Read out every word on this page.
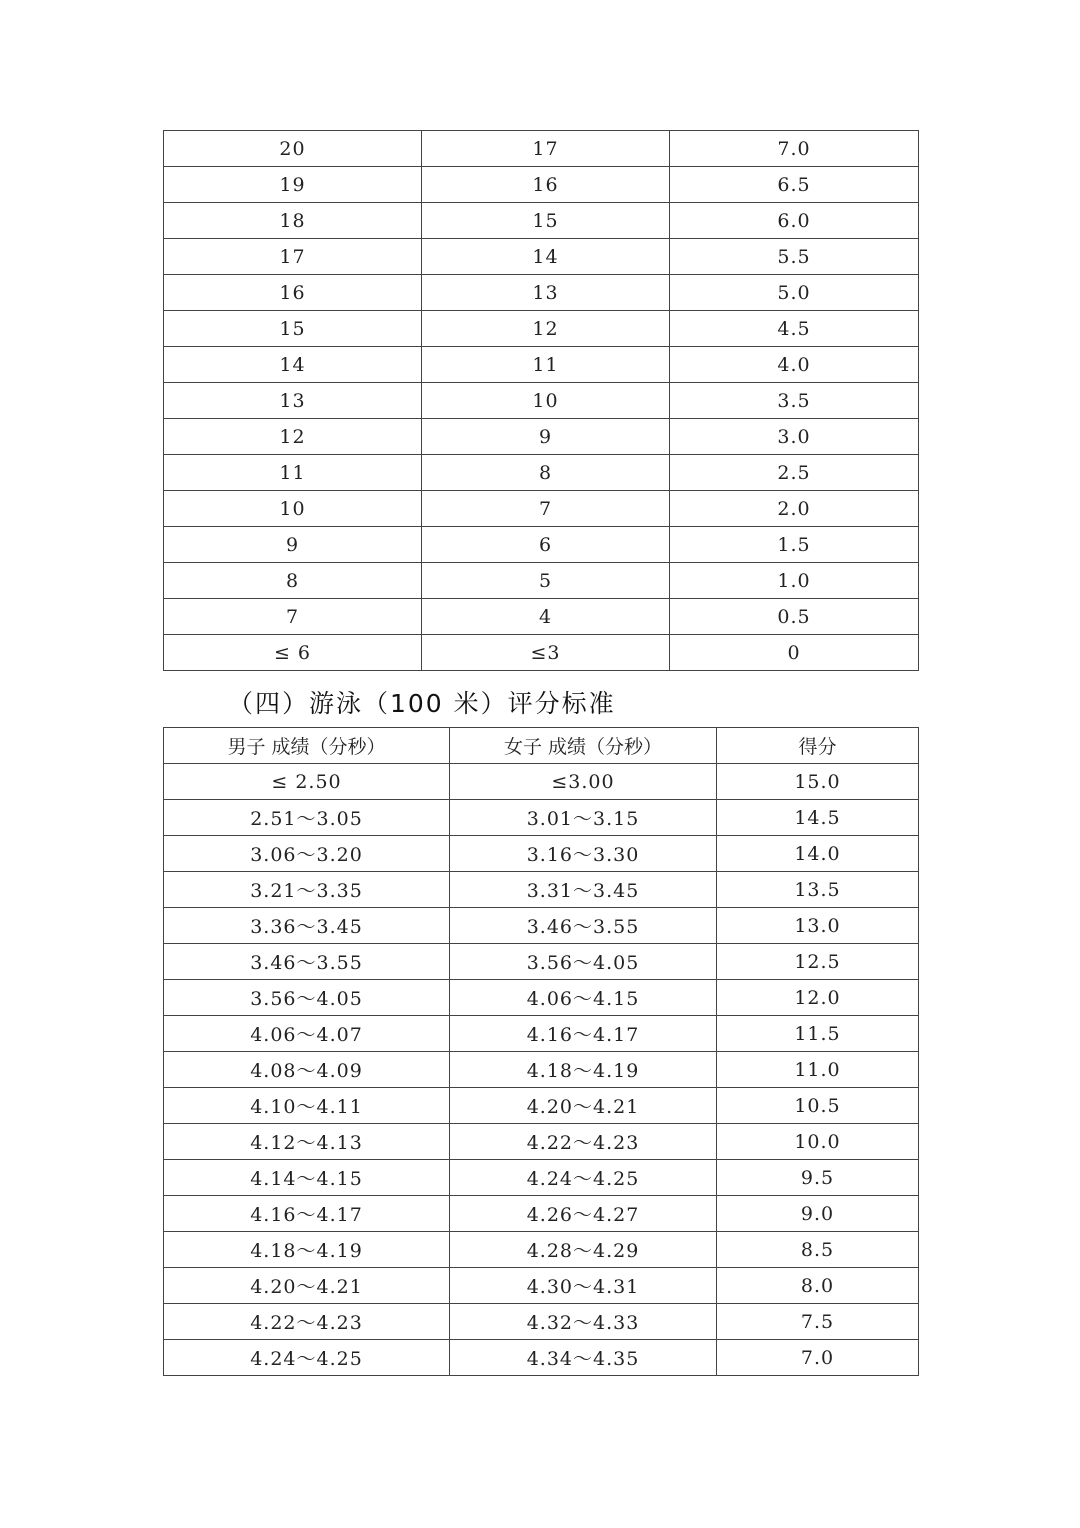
20	17	7.0
19	16	6.5
18	15	6.0
17	14	5.5
16	13	5.0
15	12	4.5
14	11	4.0
13	10	3.5
12	9	3.0
11	8	2.5
10	7	2.0
9	6	1.5
8	5	1.0
7	4	0.5
≤ 6	≤3	0
（四）游泳（100 米）评分标准
男子 成绩（分秒）	女子 成绩（分秒）	得分
≤ 2.50	≤3.00	15.0
2.51～3.05	3.01～3.15	14.5
3.06～3.20	3.16～3.30	14.0
3.21～3.35	3.31～3.45	13.5
3.36～3.45	3.46～3.55	13.0
3.46～3.55	3.56～4.05	12.5
3.56～4.05	4.06～4.15	12.0
4.06～4.07	4.16～4.17	11.5
4.08～4.09	4.18～4.19	11.0
4.10～4.11	4.20～4.21	10.5
4.12～4.13	4.22～4.23	10.0
4.14～4.15	4.24～4.25	9.5
4.16～4.17	4.26～4.27	9.0
4.18～4.19	4.28～4.29	8.5
4.20～4.21	4.30～4.31	8.0
4.22～4.23	4.32～4.33	7.5
4.24～4.25	4.34～4.35	7.0
